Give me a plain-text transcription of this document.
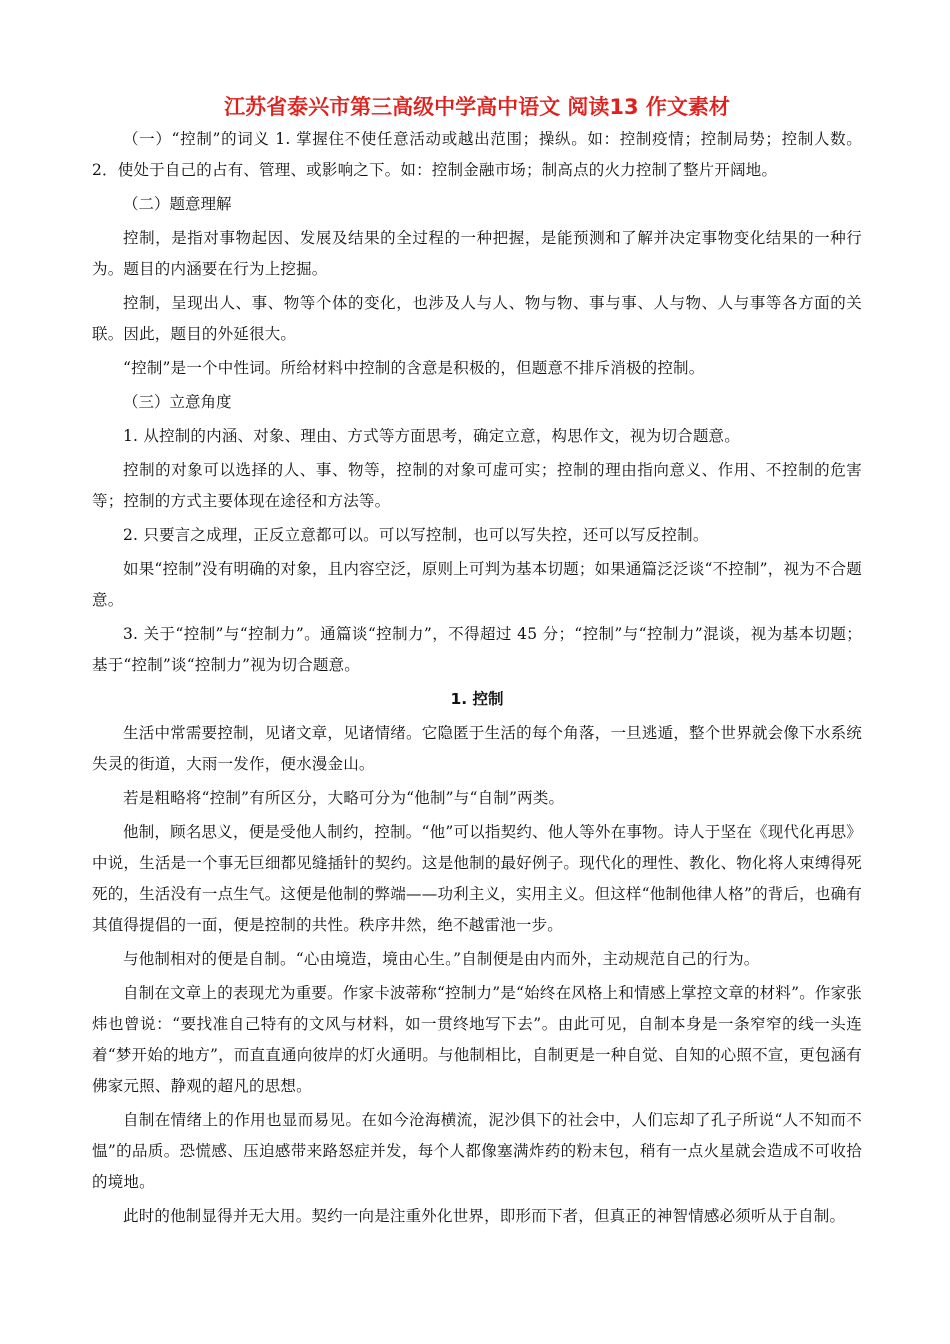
江苏省泰兴市第三高级中学高中语文 阅读13 作文素材
（一）“控制”的词义 1. 掌握住不使任意活动或越出范围；操纵。如：控制疫情；控制局势；控制人数。2．使处于自己的占有、管理、或影响之下。如：控制金融市场；制高点的火力控制了整片开阔地。
（二）题意理解
控制，是指对事物起因、发展及结果的全过程的一种把握，是能预测和了解并决定事物变化结果的一种行为。题目的内涵要在行为上挖掘。
控制，呈现出人、事、物等个体的变化，也涉及人与人、物与物、事与事、人与物、人与事等各方面的关联。因此，题目的外延很大。
“控制”是一个中性词。所给材料中控制的含意是积极的，但题意不排斥消极的控制。
（三）立意角度
1. 从控制的内涵、对象、理由、方式等方面思考，确定立意，构思作文，视为切合题意。
控制的对象可以选择的人、事、物等，控制的对象可虚可实；控制的理由指向意义、作用、不控制的危害等；控制的方式主要体现在途径和方法等。
2. 只要言之成理，正反立意都可以。可以写控制，也可以写失控，还可以写反控制。
如果“控制”没有明确的对象，且内容空泛，原则上可判为基本切题；如果通篇泛泛谈“不控制”，视为不合题意。
3. 关于“控制”与“控制力”。通篇谈“控制力”，不得超过 45 分；“控制”与“控制力”混谈，视为基本切题；基于“控制”谈“控制力”视为切合题意。
1. 控制
生活中常需要控制，见诸文章，见诸情绪。它隐匿于生活的每个角落，一旦逃遁，整个世界就会像下水系统失灵的街道，大雨一发作，便水漫金山。
若是粗略将“控制”有所区分，大略可分为“他制”与“自制”两类。
他制，顾名思义，便是受他人制约，控制。“他”可以指契约、他人等外在事物。诗人于坚在《现代化再思》中说，生活是一个事无巨细都见缝插针的契约。这是他制的最好例子。现代化的理性、教化、物化将人束缚得死死的，生活没有一点生气。这便是他制的弊端——功利主义，实用主义。但这样“他制他律人格”的背后，也确有其值得提倡的一面，便是控制的共性。秩序井然，绝不越雷池一步。
与他制相对的便是自制。“心由境造，境由心生。”自制便是由内而外，主动规范自己的行为。
自制在文章上的表现尤为重要。作家卡波蒂称“控制力”是“始终在风格上和情感上掌控文章的材料”。作家张炜也曾说：“要找准自己特有的文风与材料，如一贯终地写下去”。由此可见，自制本身是一条窄窄的线一头连着“梦开始的地方”，而直直通向彼岸的灯火通明。与他制相比，自制更是一种自觉、自知的心照不宣，更包涵有佛家元照、静观的超凡的思想。
自制在情绪上的作用也显而易见。在如今沧海横流，泥沙俱下的社会中，人们忘却了孔子所说“人不知而不愠”的品质。恐慌感、压迫感带来路怒症并发，每个人都像塞满炸药的粉末包，稍有一点火星就会造成不可收拾的境地。
此时的他制显得并无大用。契约一向是注重外化世界，即形而下者，但真正的神智情感必须听从于自制。
